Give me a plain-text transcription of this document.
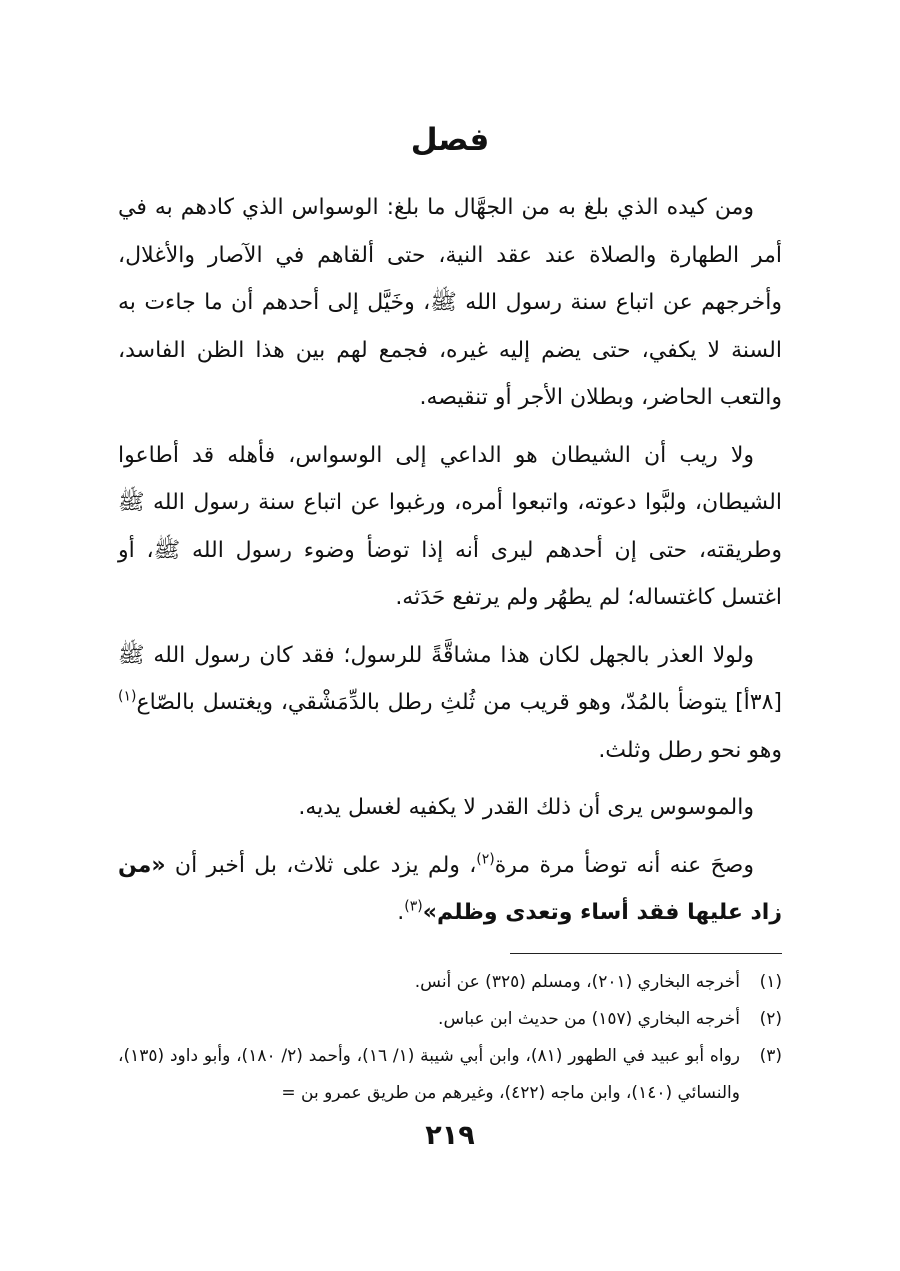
فصل

ومن كيده الذي بلغ به من الجهَّال ما بلغ: الوسواس الذي كادهم به في أمر الطهارة والصلاة عند عقد النية، حتى ألقاهم في الآصار والأغلال، وأخرجهم عن اتباع سنة رسول الله ﷺ، وخَيَّل إلى أحدهم أن ما جاءت به السنة لا يكفي، حتى يضم إليه غيره، فجمع لهم بين هذا الظن الفاسد، والتعب الحاضر، وبطلان الأجر أو تنقيصه.

ولا ريب أن الشيطان هو الداعي إلى الوسواس، فأهله قد أطاعوا الشيطان، ولبَّوا دعوته، واتبعوا أمره، ورغبوا عن اتباع سنة رسول الله ﷺ وطريقته، حتى إن أحدهم ليرى أنه إذا توضأ وضوء رسول الله ﷺ، أو اغتسل كاغتساله؛ لم يطهُر ولم يرتفع حَدَثه.

ولولا العذر بالجهل لكان هذا مشاقَّةً للرسول؛ فقد كان رسول الله ﷺ [٣٨أ] يتوضأ بالمُدّ، وهو قريب من ثُلثِ رطل بالدِّمَشْقي، ويغتسل بالصّاع$^{(١)}$ وهو نحو رطل وثلث.

والموسوس يرى أن ذلك القدر لا يكفيه لغسل يديه.

وصحَ عنه أنه توضأ مرة مرة$^{(٢)}$، ولم يزد على ثلاث، بل أخبر أن «من زاد عليها فقد أساء وتعدى وظلم»$^{(٣)}$.

(١)
أخرجه البخاري (٢٠١)، ومسلم (٣٢٥) عن أنس.

(٢)
أخرجه البخاري (١٥٧) من حديث ابن عباس.

(٣)
رواه أبو عبيد في الطهور (٨١)، وابن أبي شيبة (١/ ١٦)، وأحمد (٢/ ١٨٠)، وأبو داود (١٣٥)، والنسائي (١٤٠)، وابن ماجه (٤٢٢)، وغيرهم من طريق عمرو بن =

٢١٩
